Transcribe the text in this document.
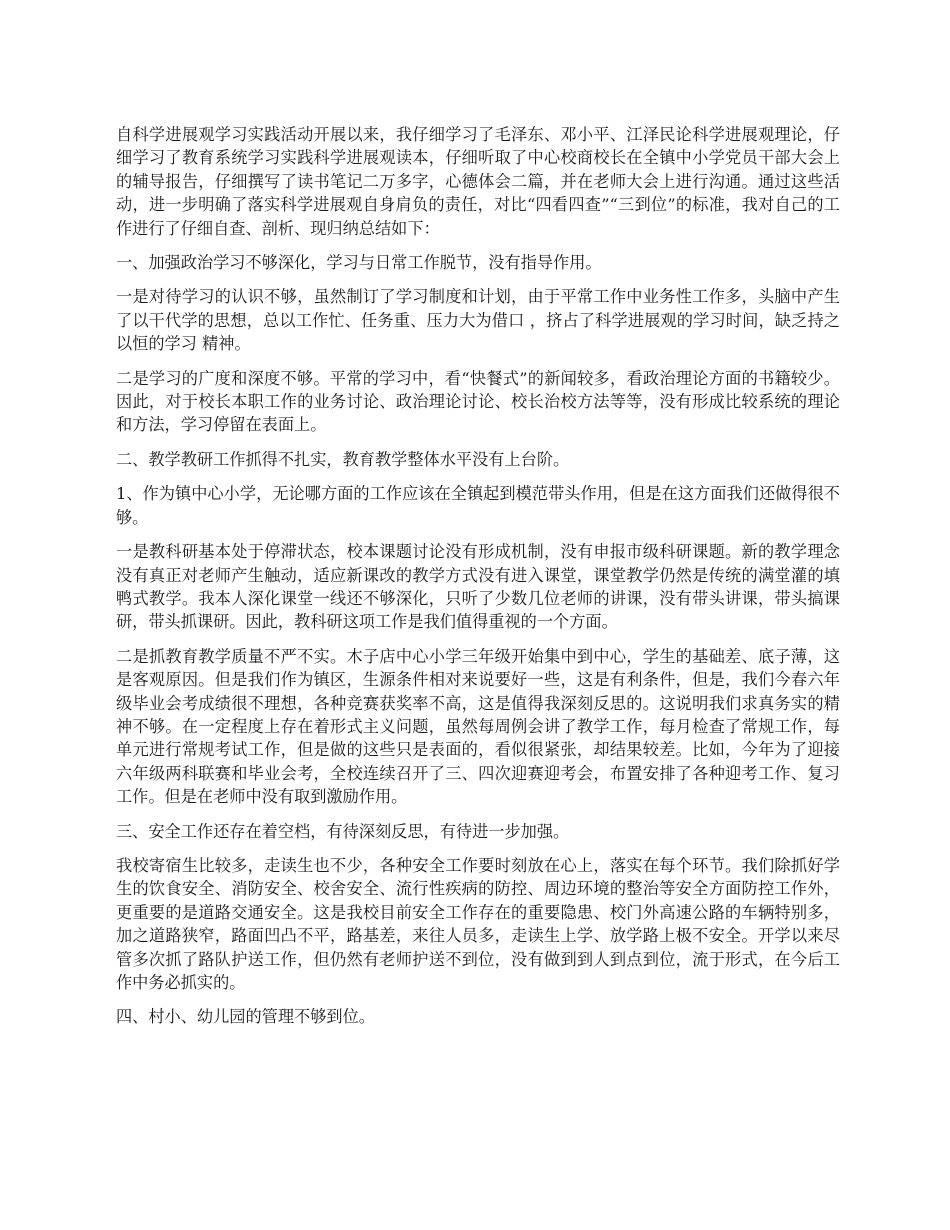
自科学进展观学习实践活动开展以来，我仔细学习了毛泽东、邓小平、江泽民论科学进展观理论，仔细学习了教育系统学习实践科学进展观读本，仔细听取了中心校商校长在全镇中小学党员干部大会上的辅导报告，仔细撰写了读书笔记二万多字，心德体会二篇，并在老师大会上进行沟通。通过这些活动，进一步明确了落实科学进展观自身肩负的责任，对比“四看四查”“三到位”的标准，我对自己的工作进行了仔细自查、剖析、现归纳总结如下：

一、加强政治学习不够深化，学习与日常工作脱节，没有指导作用。

一是对待学习的认识不够，虽然制订了学习制度和计划，由于平常工作中业务性工作多，头脑中产生了以干代学的思想，总以工作忙、任务重、压力大为借口 ，挤占了科学进展观的学习时间，缺乏持之以恒的学习 精神。

二是学习的广度和深度不够。平常的学习中，看“快餐式”的新闻较多，看政治理论方面的书籍较少。因此，对于校长本职工作的业务讨论、政治理论讨论、校长治校方法等等，没有形成比较系统的理论和方法，学习停留在表面上。

二、教学教研工作抓得不扎实，教育教学整体水平没有上台阶。

1、作为镇中心小学，无论哪方面的工作应该在全镇起到模范带头作用，但是在这方面我们还做得很不够。

一是教科研基本处于停滞状态，校本课题讨论没有形成机制，没有申报市级科研课题。新的教学理念没有真正对老师产生触动，适应新课改的教学方式没有进入课堂，课堂教学仍然是传统的满堂灌的填鸭式教学。我本人深化课堂一线还不够深化，只听了少数几位老师的讲课，没有带头讲课，带头搞课研，带头抓课研。因此，教科研这项工作是我们值得重视的一个方面。

二是抓教育教学质量不严不实。木子店中心小学三年级开始集中到中心，学生的基础差、底子薄，这是客观原因。但是我们作为镇区，生源条件相对来说要好一些，这是有利条件，但是，我们今春六年级毕业会考成绩很不理想，各种竞赛获奖率不高，这是值得我深刻反思的。这说明我们求真务实的精神不够。在一定程度上存在着形式主义问题，虽然每周例会讲了教学工作，每月检查了常规工作，每单元进行常规考试工作，但是做的这些只是表面的，看似很紧张，却结果较差。比如，今年为了迎接六年级两科联赛和毕业会考，全校连续召开了三、四次迎赛迎考会，布置安排了各种迎考工作、复习工作。但是在老师中没有取到激励作用。

三、安全工作还存在着空档，有待深刻反思，有待进一步加强。

我校寄宿生比较多，走读生也不少，各种安全工作要时刻放在心上，落实在每个环节。我们除抓好学生的饮食安全、消防安全、校舍安全、流行性疾病的防控、周边环境的整治等安全方面防控工作外，更重要的是道路交通安全。这是我校目前安全工作存在的重要隐患、校门外高速公路的车辆特别多，加之道路狭窄，路面凹凸不平，路基差，来往人员多，走读生上学、放学路上极不安全。开学以来尽管多次抓了路队护送工作，但仍然有老师护送不到位，没有做到到人到点到位，流于形式，在今后工作中务必抓实的。

四、村小、幼儿园的管理不够到位。
